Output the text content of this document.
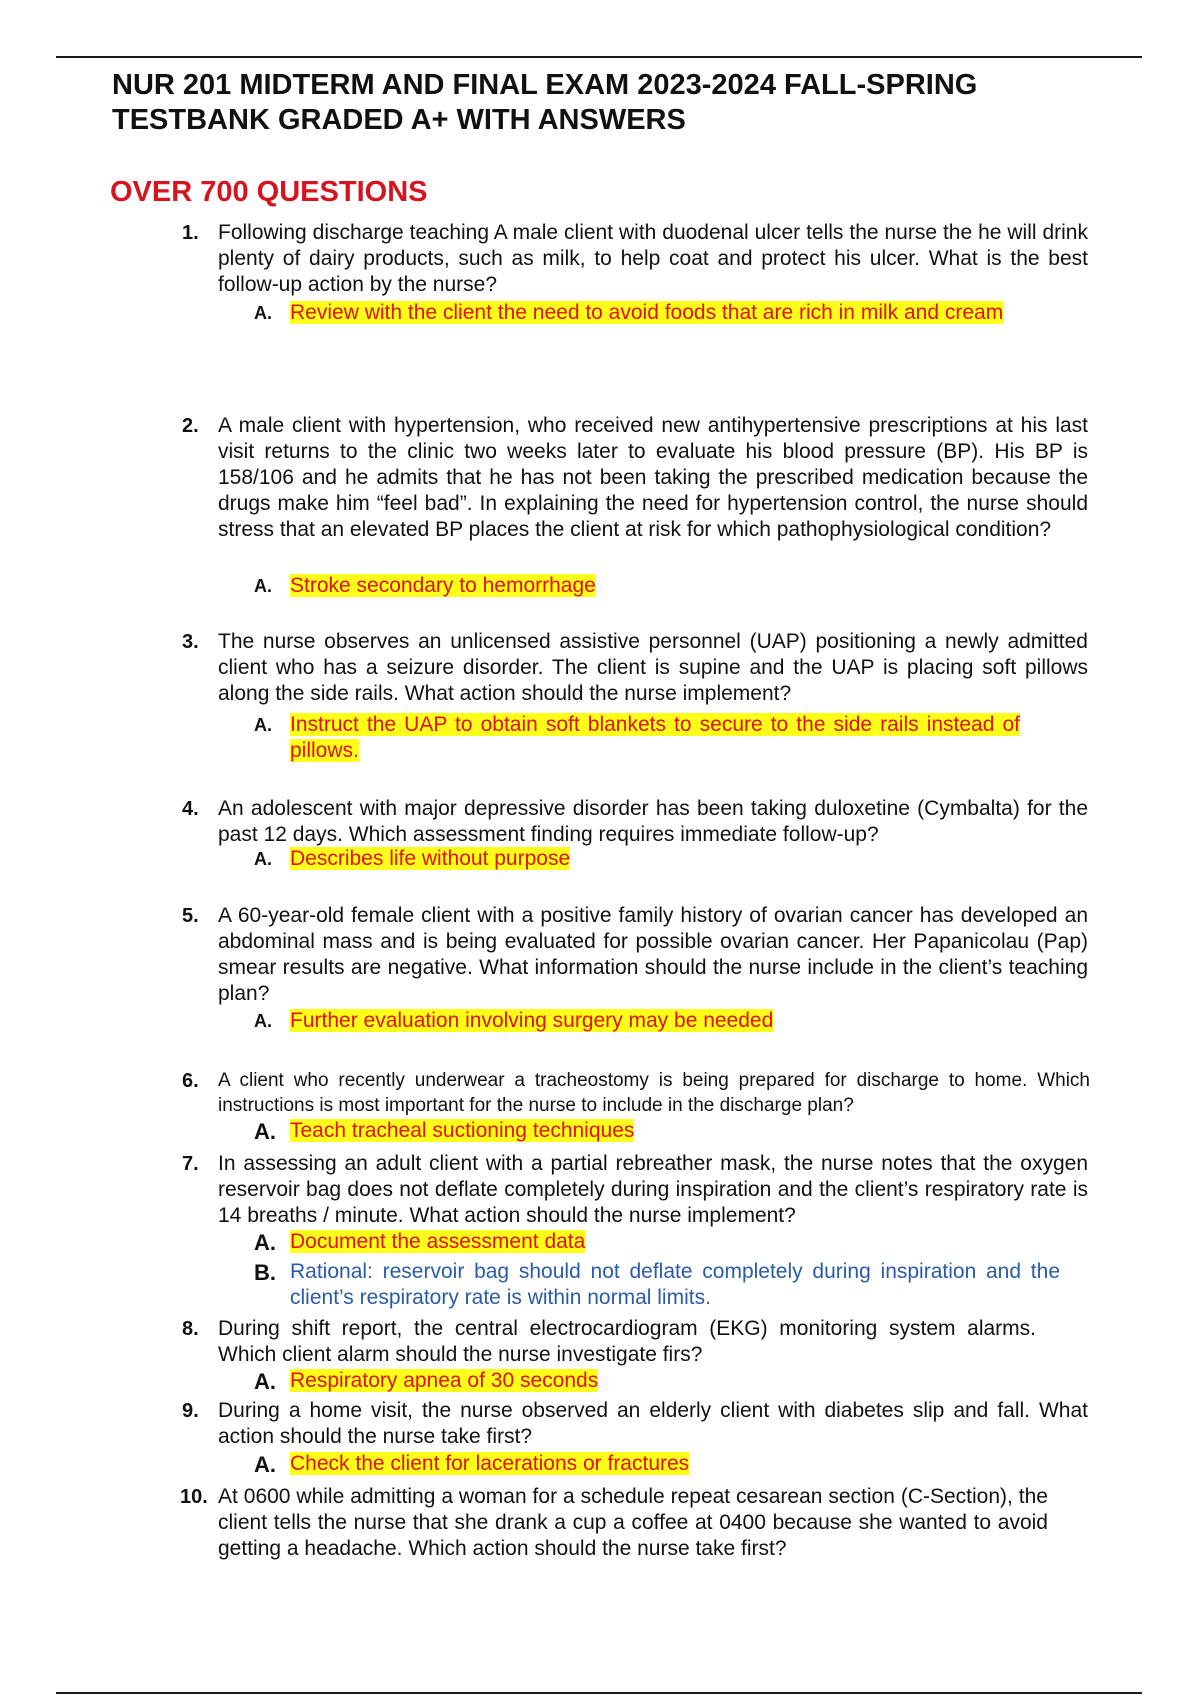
NUR 201 MIDTERM AND FINAL EXAM 2023-2024 FALL-SPRING
TESTBANK GRADED A+ WITH ANSWERS
OVER 700 QUESTIONS
1. Following discharge teaching A male client with duodenal ulcer tells the nurse the he will drink plenty of dairy products, such as milk, to help coat and protect his ulcer. What is the best follow-up action by the nurse?

A. Review with the client the need to avoid foods that are rich in milk and cream

2. A male client with hypertension, who received new antihypertensive prescriptions at his last visit returns to the clinic two weeks later to evaluate his blood pressure (BP). His BP is 158/106 and he admits that he has not been taking the prescribed medication because the drugs make him “feel bad”. In explaining the need for hypertension control, the nurse should stress that an elevated BP places the client at risk for which pathophysiological condition?

A. Stroke secondary to hemorrhage

3. The nurse observes an unlicensed assistive personnel (UAP) positioning a newly admitted client who has a seizure disorder. The client is supine and the UAP is placing soft pillows along the side rails. What action should the nurse implement?

A. Instruct the UAP to obtain soft blankets to secure to the side rails instead of pillows.

4. An adolescent with major depressive disorder has been taking duloxetine (Cymbalta) for the past 12 days. Which assessment finding requires immediate follow-up?

A. Describes life without purpose

5. A 60-year-old female client with a positive family history of ovarian cancer has developed an abdominal mass and is being evaluated for possible ovarian cancer. Her Papanicolau (Pap) smear results are negative. What information should the nurse include in the client’s teaching plan?

A. Further evaluation involving surgery may be needed

6. A client who recently underwear a tracheostomy is being prepared for discharge to home. Which instructions is most important for the nurse to include in the discharge plan?

A. Teach tracheal suctioning techniques

7. In assessing an adult client with a partial rebreather mask, the nurse notes that the oxygen reservoir bag does not deflate completely during inspiration and the client’s respiratory rate is 14 breaths / minute. What action should the nurse implement?

A. Document the assessment data

B. Rational: reservoir bag should not deflate completely during inspiration and the client’s respiratory rate is within normal limits.

8. During shift report, the central electrocardiogram (EKG) monitoring system alarms. Which client alarm should the nurse investigate firs?

A. Respiratory apnea of 30 seconds

9. During a home visit, the nurse observed an elderly client with diabetes slip and fall. What action should the nurse take first?

A. Check the client for lacerations or fractures

10. At 0600 while admitting a woman for a schedule repeat cesarean section (C-Section), the client tells the nurse that she drank a cup a coffee at 0400 because she wanted to avoid getting a headache. Which action should the nurse take first?
